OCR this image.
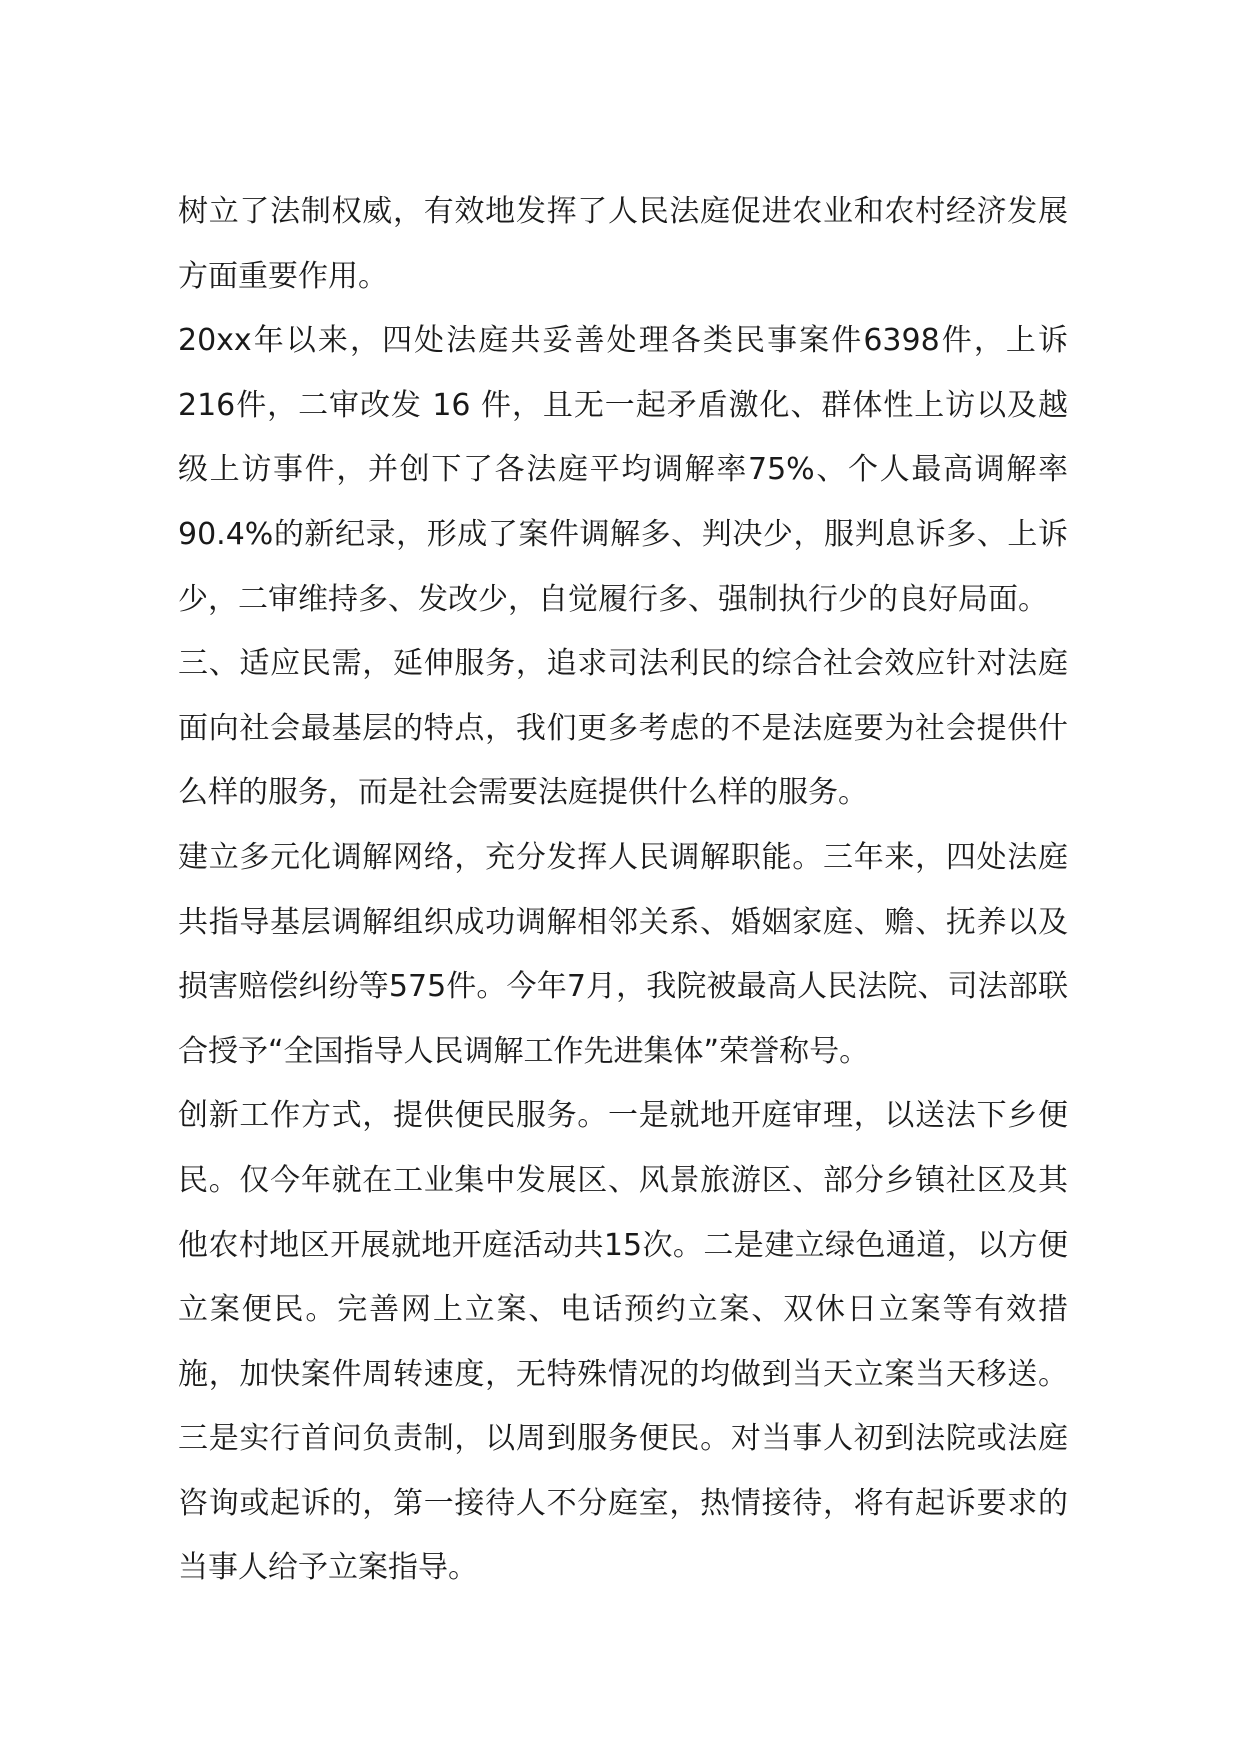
树立了法制权威，有效地发挥了人民法庭促进农业和农村经济发展方面重要作用。

20xx年以来，四处法庭共妥善处理各类民事案件6398件，上诉216件，二审改发 16 件，且无一起矛盾激化、群体性上访以及越级上访事件，并创下了各法庭平均调解率75%、个人最高调解率90.4%的新纪录，形成了案件调解多、判决少，服判息诉多、上诉少，二审维持多、发改少，自觉履行多、强制执行少的良好局面。

三、适应民需，延伸服务，追求司法利民的综合社会效应针对法庭面向社会最基层的特点，我们更多考虑的不是法庭要为社会提供什么样的服务，而是社会需要法庭提供什么样的服务。

建立多元化调解网络，充分发挥人民调解职能。三年来，四处法庭共指导基层调解组织成功调解相邻关系、婚姻家庭、赡、抚养以及损害赔偿纠纷等575件。今年7月，我院被最高人民法院、司法部联合授予“全国指导人民调解工作先进集体”荣誉称号。

创新工作方式，提供便民服务。一是就地开庭审理，以送法下乡便民。仅今年就在工业集中发展区、风景旅游区、部分乡镇社区及其他农村地区开展就地开庭活动共15次。二是建立绿色通道，以方便立案便民。完善网上立案、电话预约立案、双休日立案等有效措施，加快案件周转速度，无特殊情况的均做到当天立案当天移送。三是实行首问负责制，以周到服务便民。对当事人初到法院或法庭咨询或起诉的，第一接待人不分庭室，热情接待，将有起诉要求的当事人给予立案指导。
